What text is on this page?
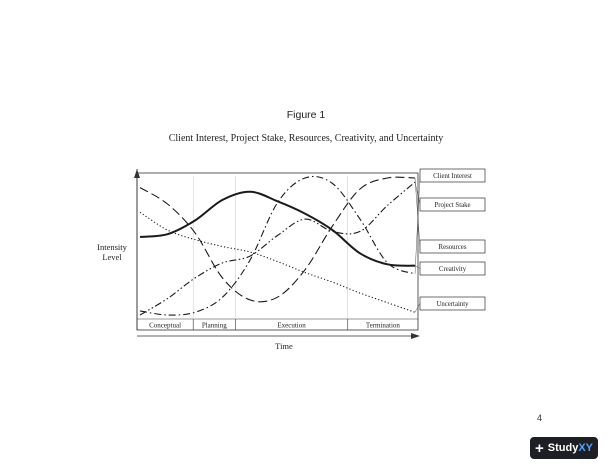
Figure 1
Client Interest, Project Stake, Resources, Creativity, and Uncertainty
Conceptual	Planning	Execution	Termination
Client Interest
Project Stake
Resources
Creativity
Uncertainty
Intensity
Level
Time
4
+ Study XY
